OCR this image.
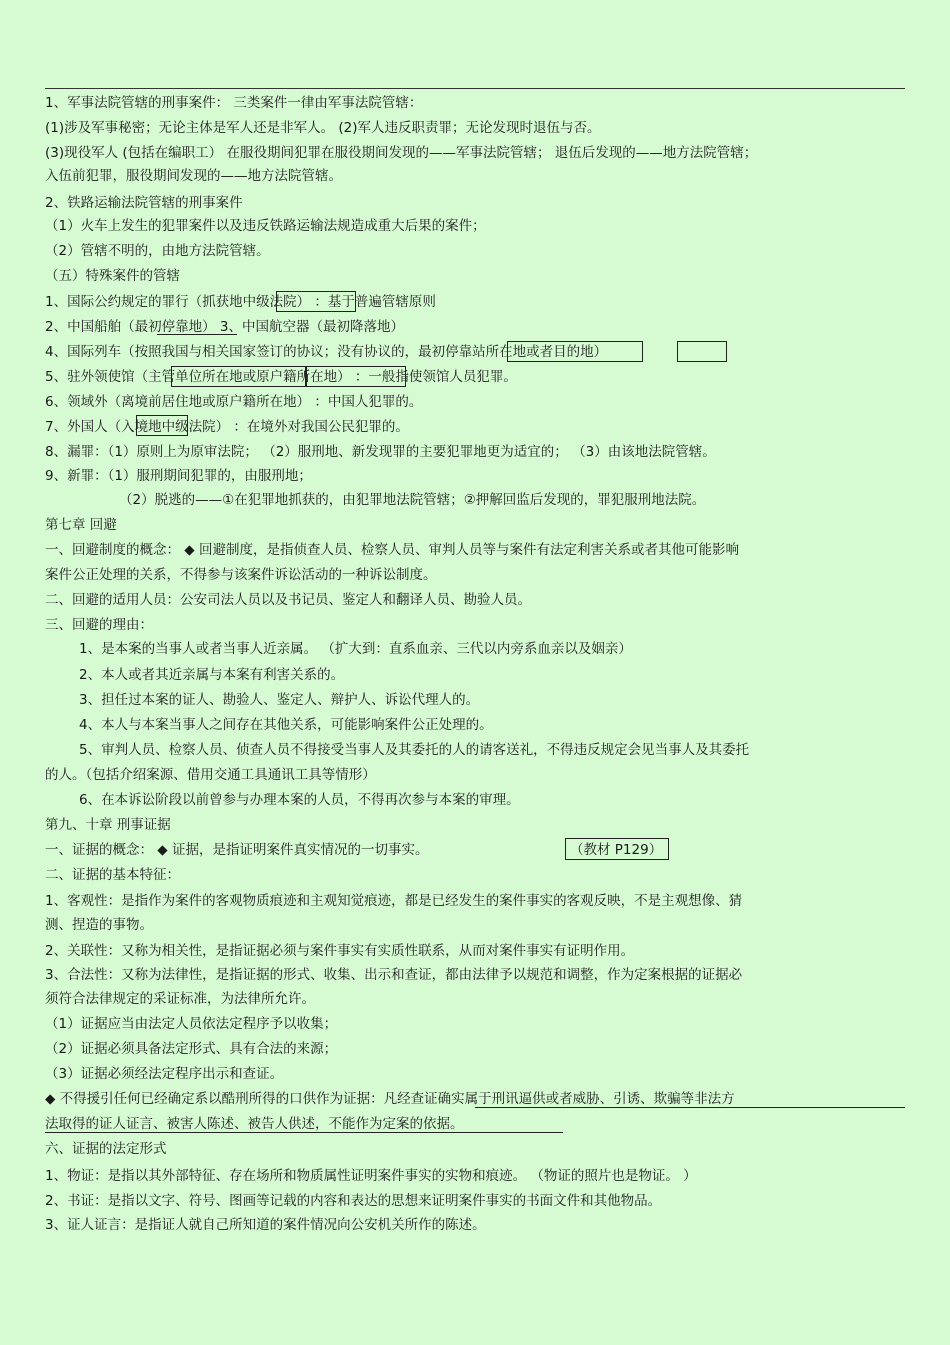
1、军事法院管辖的刑事案件： 三类案件一律由军事法院管辖：
(1)涉及军事秘密；无论主体是军人还是非军人。 (2)军人违反职责罪；无论发现时退伍与否。
(3)现役军人 (包括在编职工） 在服役期间犯罪在服役期间发现的——军事法院管辖； 退伍后发现的——地方法院管辖；
入伍前犯罪，服役期间发现的——地方法院管辖。
2、铁路运输法院管辖的刑事案件
（1）火车上发生的犯罪案件以及违反铁路运输法规造成重大后果的案件；
（2）管辖不明的，由地方法院管辖。
（五）特殊案件的管辖
1、国际公约规定的罪行（抓获地中级法院） ：基于普遍管辖原则
2、中国船舶（最初停靠地） 3、中国航空器（最初降落地）
4、国际列车（按照我国与相关国家签订的协议；没有协议的，最初停靠站所在地或者目的地）
5、驻外领使馆（主管单位所在地或原户籍所在地） ：一般指使领馆人员犯罪。
6、领域外（离境前居住地或原户籍所在地） ：中国人犯罪的。
7、外国人（入境地中级法院） ：在境外对我国公民犯罪的。
8、漏罪：（1）原则上为原审法院； （2）服刑地、新发现罪的主要犯罪地更为适宜的； （3）由该地法院管辖。
9、新罪：（1）服刑期间犯罪的，由服刑地；
（2）脱逃的——①在犯罪地抓获的，由犯罪地法院管辖；②押解回监后发现的，罪犯服刑地法院。
第七章 回避
一、回避制度的概念： ◆ 回避制度，是指侦查人员、检察人员、审判人员等与案件有法定利害关系或者其他可能影响
案件公正处理的关系，不得参与该案件诉讼活动的一种诉讼制度。
二、回避的适用人员：公安司法人员以及书记员、鉴定人和翻译人员、勘验人员。
三、回避的理由：
1、是本案的当事人或者当事人近亲属。 （扩大到：直系血亲、三代以内旁系血亲以及姻亲）
2、本人或者其近亲属与本案有利害关系的。
3、担任过本案的证人、勘验人、鉴定人、辩护人、诉讼代理人的。
4、本人与本案当事人之间存在其他关系，可能影响案件公正处理的。
5、审判人员、检察人员、侦查人员不得接受当事人及其委托的人的请客送礼，不得违反规定会见当事人及其委托
的人。（包括介绍案源、借用交通工具通讯工具等情形）
6、在本诉讼阶段以前曾参与办理本案的人员，不得再次参与本案的审理。
第九、十章 刑事证据
一、证据的概念： ◆ 证据，是指证明案件真实情况的一切事实。	（教材 P129）
二、证据的基本特征：
1、客观性：是指作为案件的客观物质痕迹和主观知觉痕迹，都是已经发生的案件事实的客观反映，不是主观想像、猜
测、捏造的事物。
2、关联性：又称为相关性，是指证据必须与案件事实有实质性联系，从而对案件事实有证明作用。
3、合法性：又称为法律性，是指证据的形式、收集、出示和查证，都由法律予以规范和调整，作为定案根据的证据必
须符合法律规定的采证标准，为法律所允许。
（1）证据应当由法定人员依法定程序予以收集；
（2）证据必须具备法定形式、具有合法的来源；
（3）证据必须经法定程序出示和查证。
◆ 不得援引任何已经确定系以酷刑所得的口供作为证据：凡经查证确实属于刑讯逼供或者威胁、引诱、欺骗等非法方
法取得的证人证言、被害人陈述、被告人供述，不能作为定案的依据。
六、证据的法定形式
1、物证：是指以其外部特征、存在场所和物质属性证明案件事实的实物和痕迹。 （物证的照片也是物证。 ）
2、书证：是指以文字、符号、图画等记载的内容和表达的思想来证明案件事实的书面文件和其他物品。
3、证人证言：是指证人就自己所知道的案件情况向公安机关所作的陈述。
